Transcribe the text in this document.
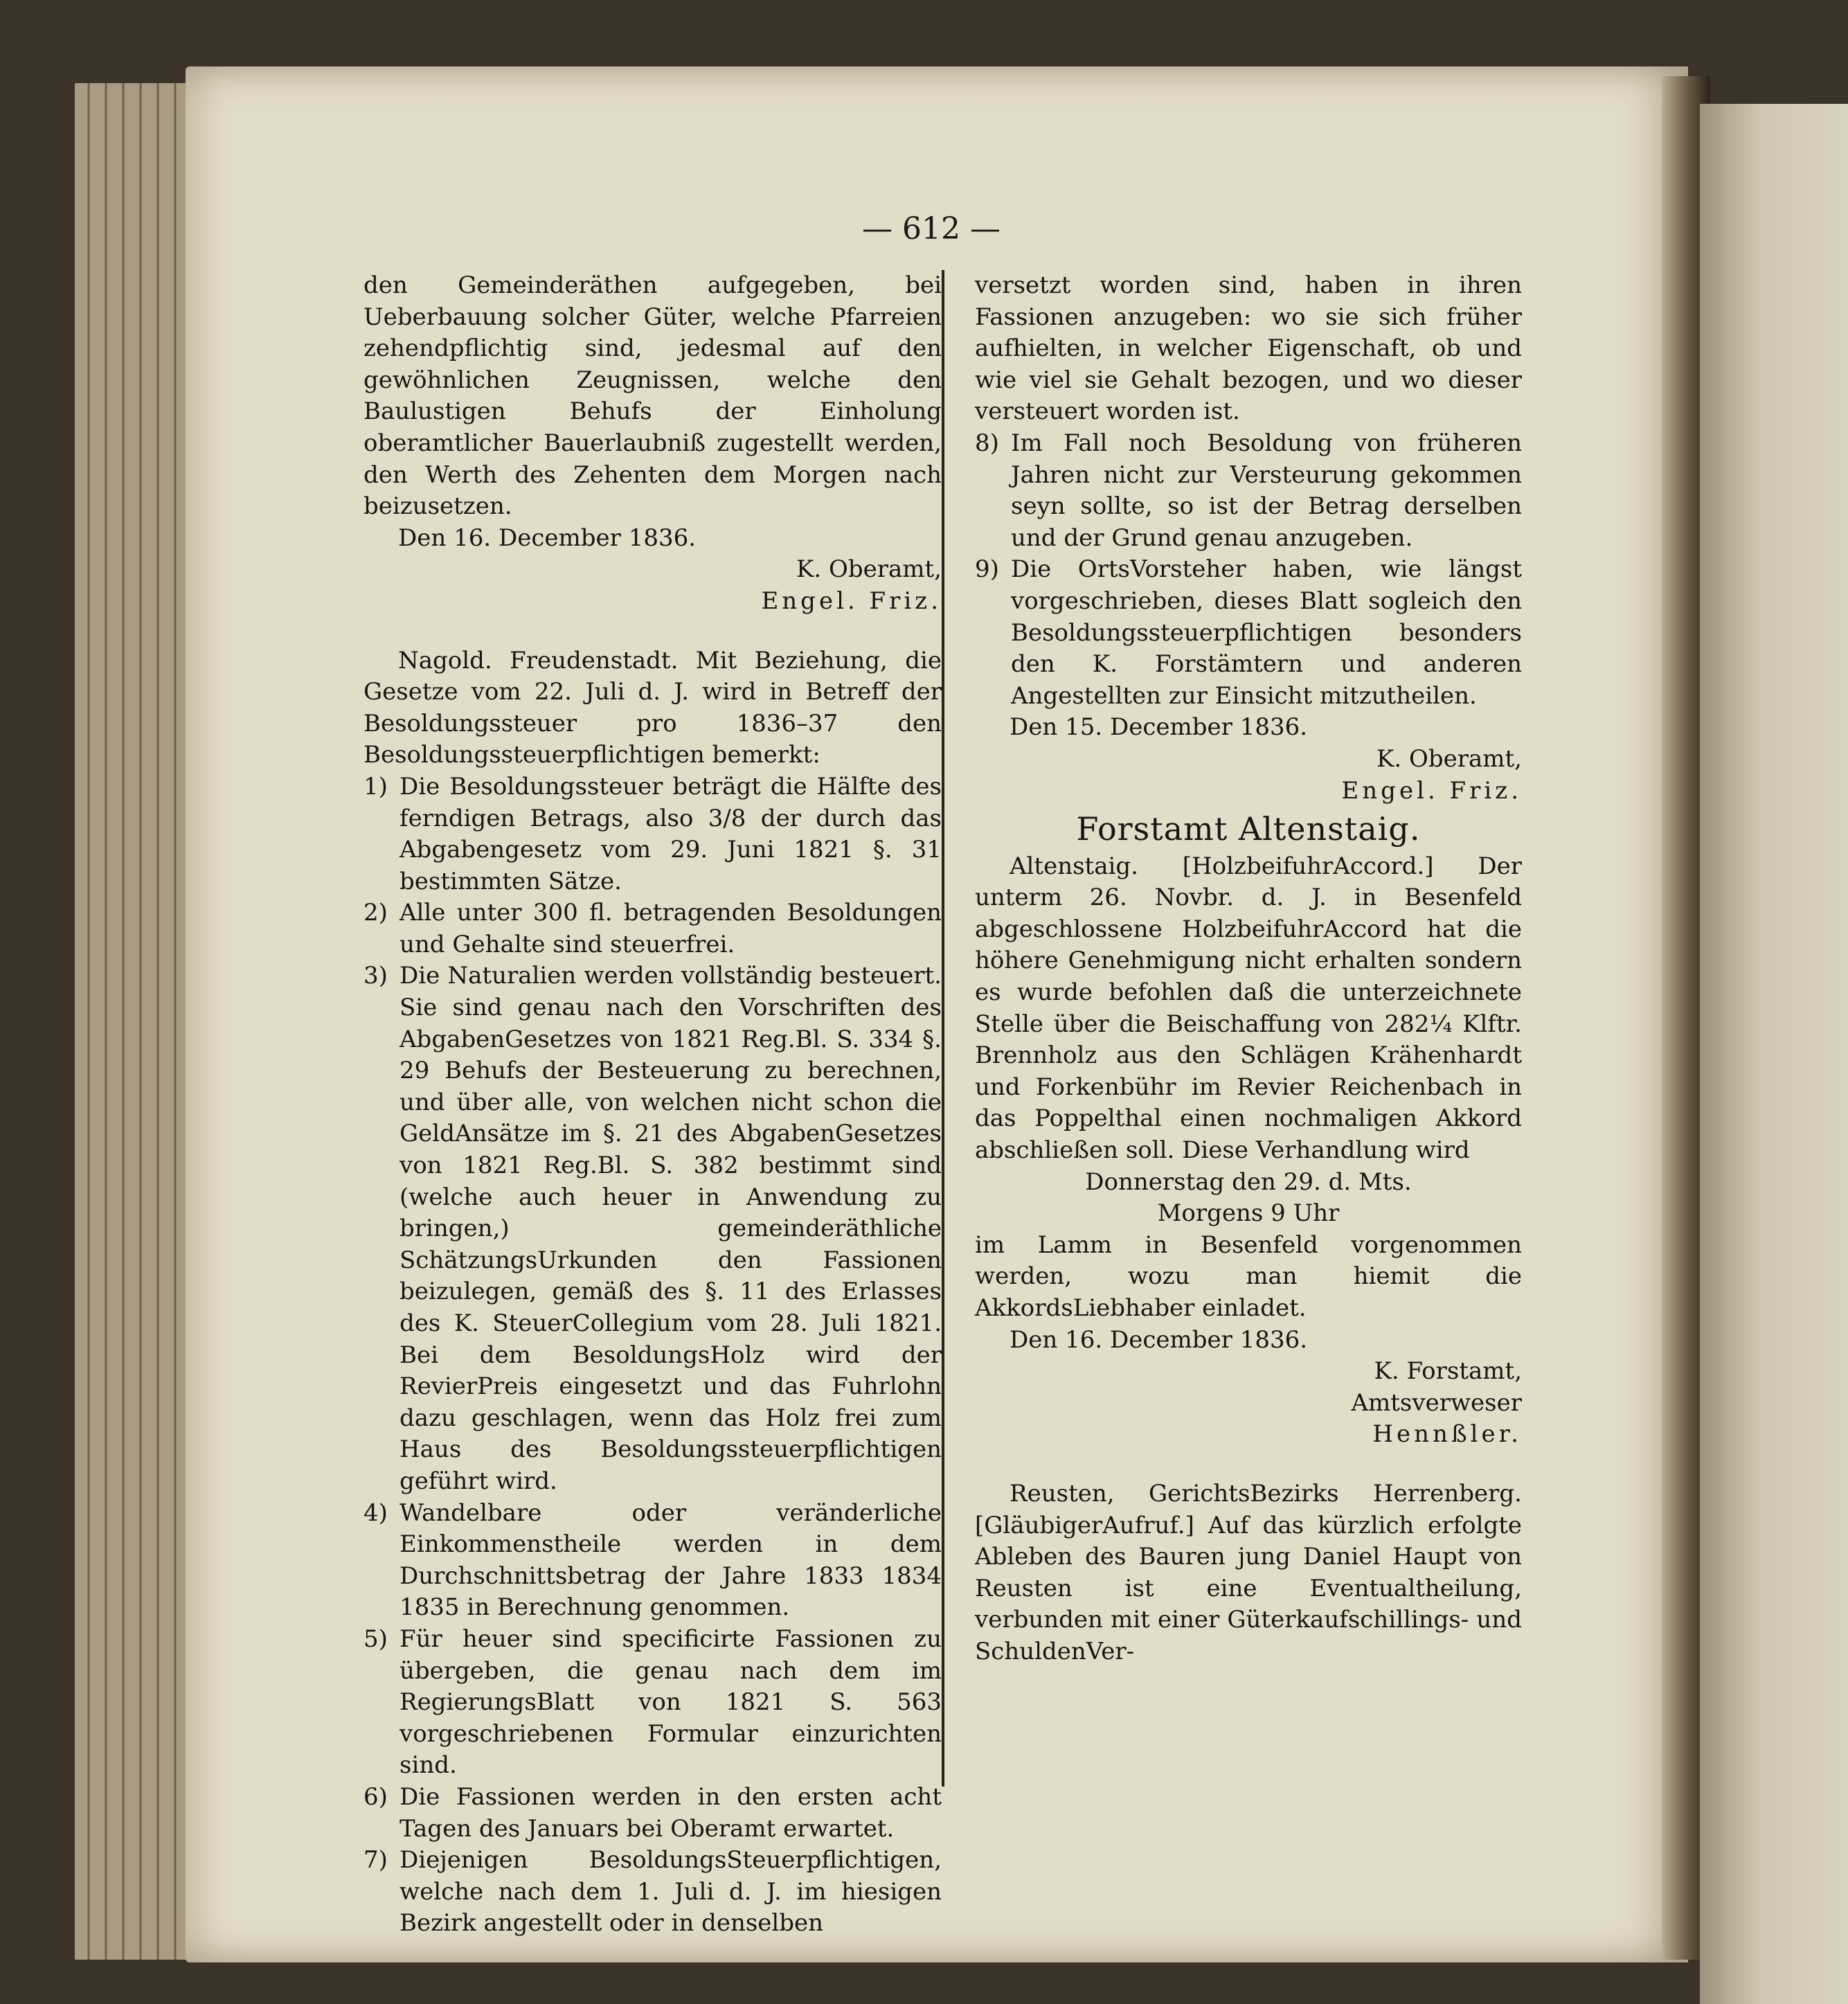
— 612 —

den Gemeinderäthen aufgegeben, bei Ueberbauung solcher Güter, welche Pfarreien zehendpflichtig sind, jedesmal auf den gewöhnlichen Zeugnissen, welche den Baulustigen Behufs der Einholung oberamtlicher Bauerlaubniß zugestellt werden, den Werth des Zehenten dem Morgen nach beizusetzen.

Den 16. December 1836.

K. Oberamt,

Engel. Friz.

Nagold. Freudenstadt. Mit Beziehung, die Gesetze vom 22. Juli d. J. wird in Betreff der Besoldungssteuer pro 1836–37 den Besoldungssteuerpflichtigen bemerkt:

1) Die Besoldungssteuer beträgt die Hälfte des ferndigen Betrags, also 3/8 der durch das Abgabengesetz vom 29. Juni 1821 §. 31 bestimmten Sätze.
2) Alle unter 300 fl. betragenden Besoldungen und Gehalte sind steuerfrei.
3) Die Naturalien werden vollständig besteuert. Sie sind genau nach den Vorschriften des AbgabenGesetzes von 1821 Reg.Bl. S. 334 §. 29 Behufs der Besteuerung zu berechnen, und über alle, von welchen nicht schon die GeldAnsätze im §. 21 des AbgabenGesetzes von 1821 Reg.Bl. S. 382 bestimmt sind (welche auch heuer in Anwendung zu bringen,) gemeinderäthliche SchätzungsUrkunden den Fassionen beizulegen, gemäß des §. 11 des Erlasses des K. SteuerCollegium vom 28. Juli 1821. Bei dem BesoldungsHolz wird der RevierPreis eingesetzt und das Fuhrlohn dazu geschlagen, wenn das Holz frei zum Haus des Besoldungssteuerpflichtigen geführt wird.
4) Wandelbare oder veränderliche Einkommenstheile werden in dem Durchschnittsbetrag der Jahre 1833 1834 1835 in Berechnung genommen.
5) Für heuer sind specificirte Fassionen zu übergeben, die genau nach dem im RegierungsBlatt von 1821 S. 563 vorgeschriebenen Formular einzurichten sind.
6) Die Fassionen werden in den ersten acht Tagen des Januars bei Oberamt erwartet.
7) Diejenigen BesoldungsSteuerpflichtigen, welche nach dem 1. Juli d. J. im hiesigen Bezirk angestellt oder in denselben

versetzt worden sind, haben in ihren Fassionen anzugeben: wo sie sich früher aufhielten, in welcher Eigenschaft, ob und wie viel sie Gehalt bezogen, und wo dieser versteuert worden ist.

8) Im Fall noch Besoldung von früheren Jahren nicht zur Versteurung gekommen seyn sollte, so ist der Betrag derselben und der Grund genau anzugeben.
9) Die OrtsVorsteher haben, wie längst vorgeschrieben, dieses Blatt sogleich den Besoldungssteuerpflichtigen besonders den K. Forstämtern und anderen Angestellten zur Einsicht mitzutheilen.

Den 15. December 1836.

K. Oberamt,

Engel. Friz.

Forstamt Altenstaig.

Altenstaig. [HolzbeifuhrAccord.] Der unterm 26. Novbr. d. J. in Besenfeld abgeschlossene HolzbeifuhrAccord hat die höhere Genehmigung nicht erhalten sondern es wurde befohlen daß die unterzeichnete Stelle über die Beischaffung von 282¼ Klftr. Brennholz aus den Schlägen Krähenhardt und Forkenbühr im Revier Reichenbach in das Poppelthal einen nochmaligen Akkord abschließen soll. Diese Verhandlung wird

Donnerstag den 29. d. Mts.

Morgens 9 Uhr

im Lamm in Besenfeld vorgenommen werden, wozu man hiemit die AkkordsLiebhaber einladet.

Den 16. December 1836.

K. Forstamt,

Amtsverweser

Hennßler.

Reusten, GerichtsBezirks Herrenberg. [GläubigerAufruf.] Auf das kürzlich erfolgte Ableben des Bauren jung Daniel Haupt von Reusten ist eine Eventualtheilung, verbunden mit einer Güterkaufschillings- und SchuldenVer-
